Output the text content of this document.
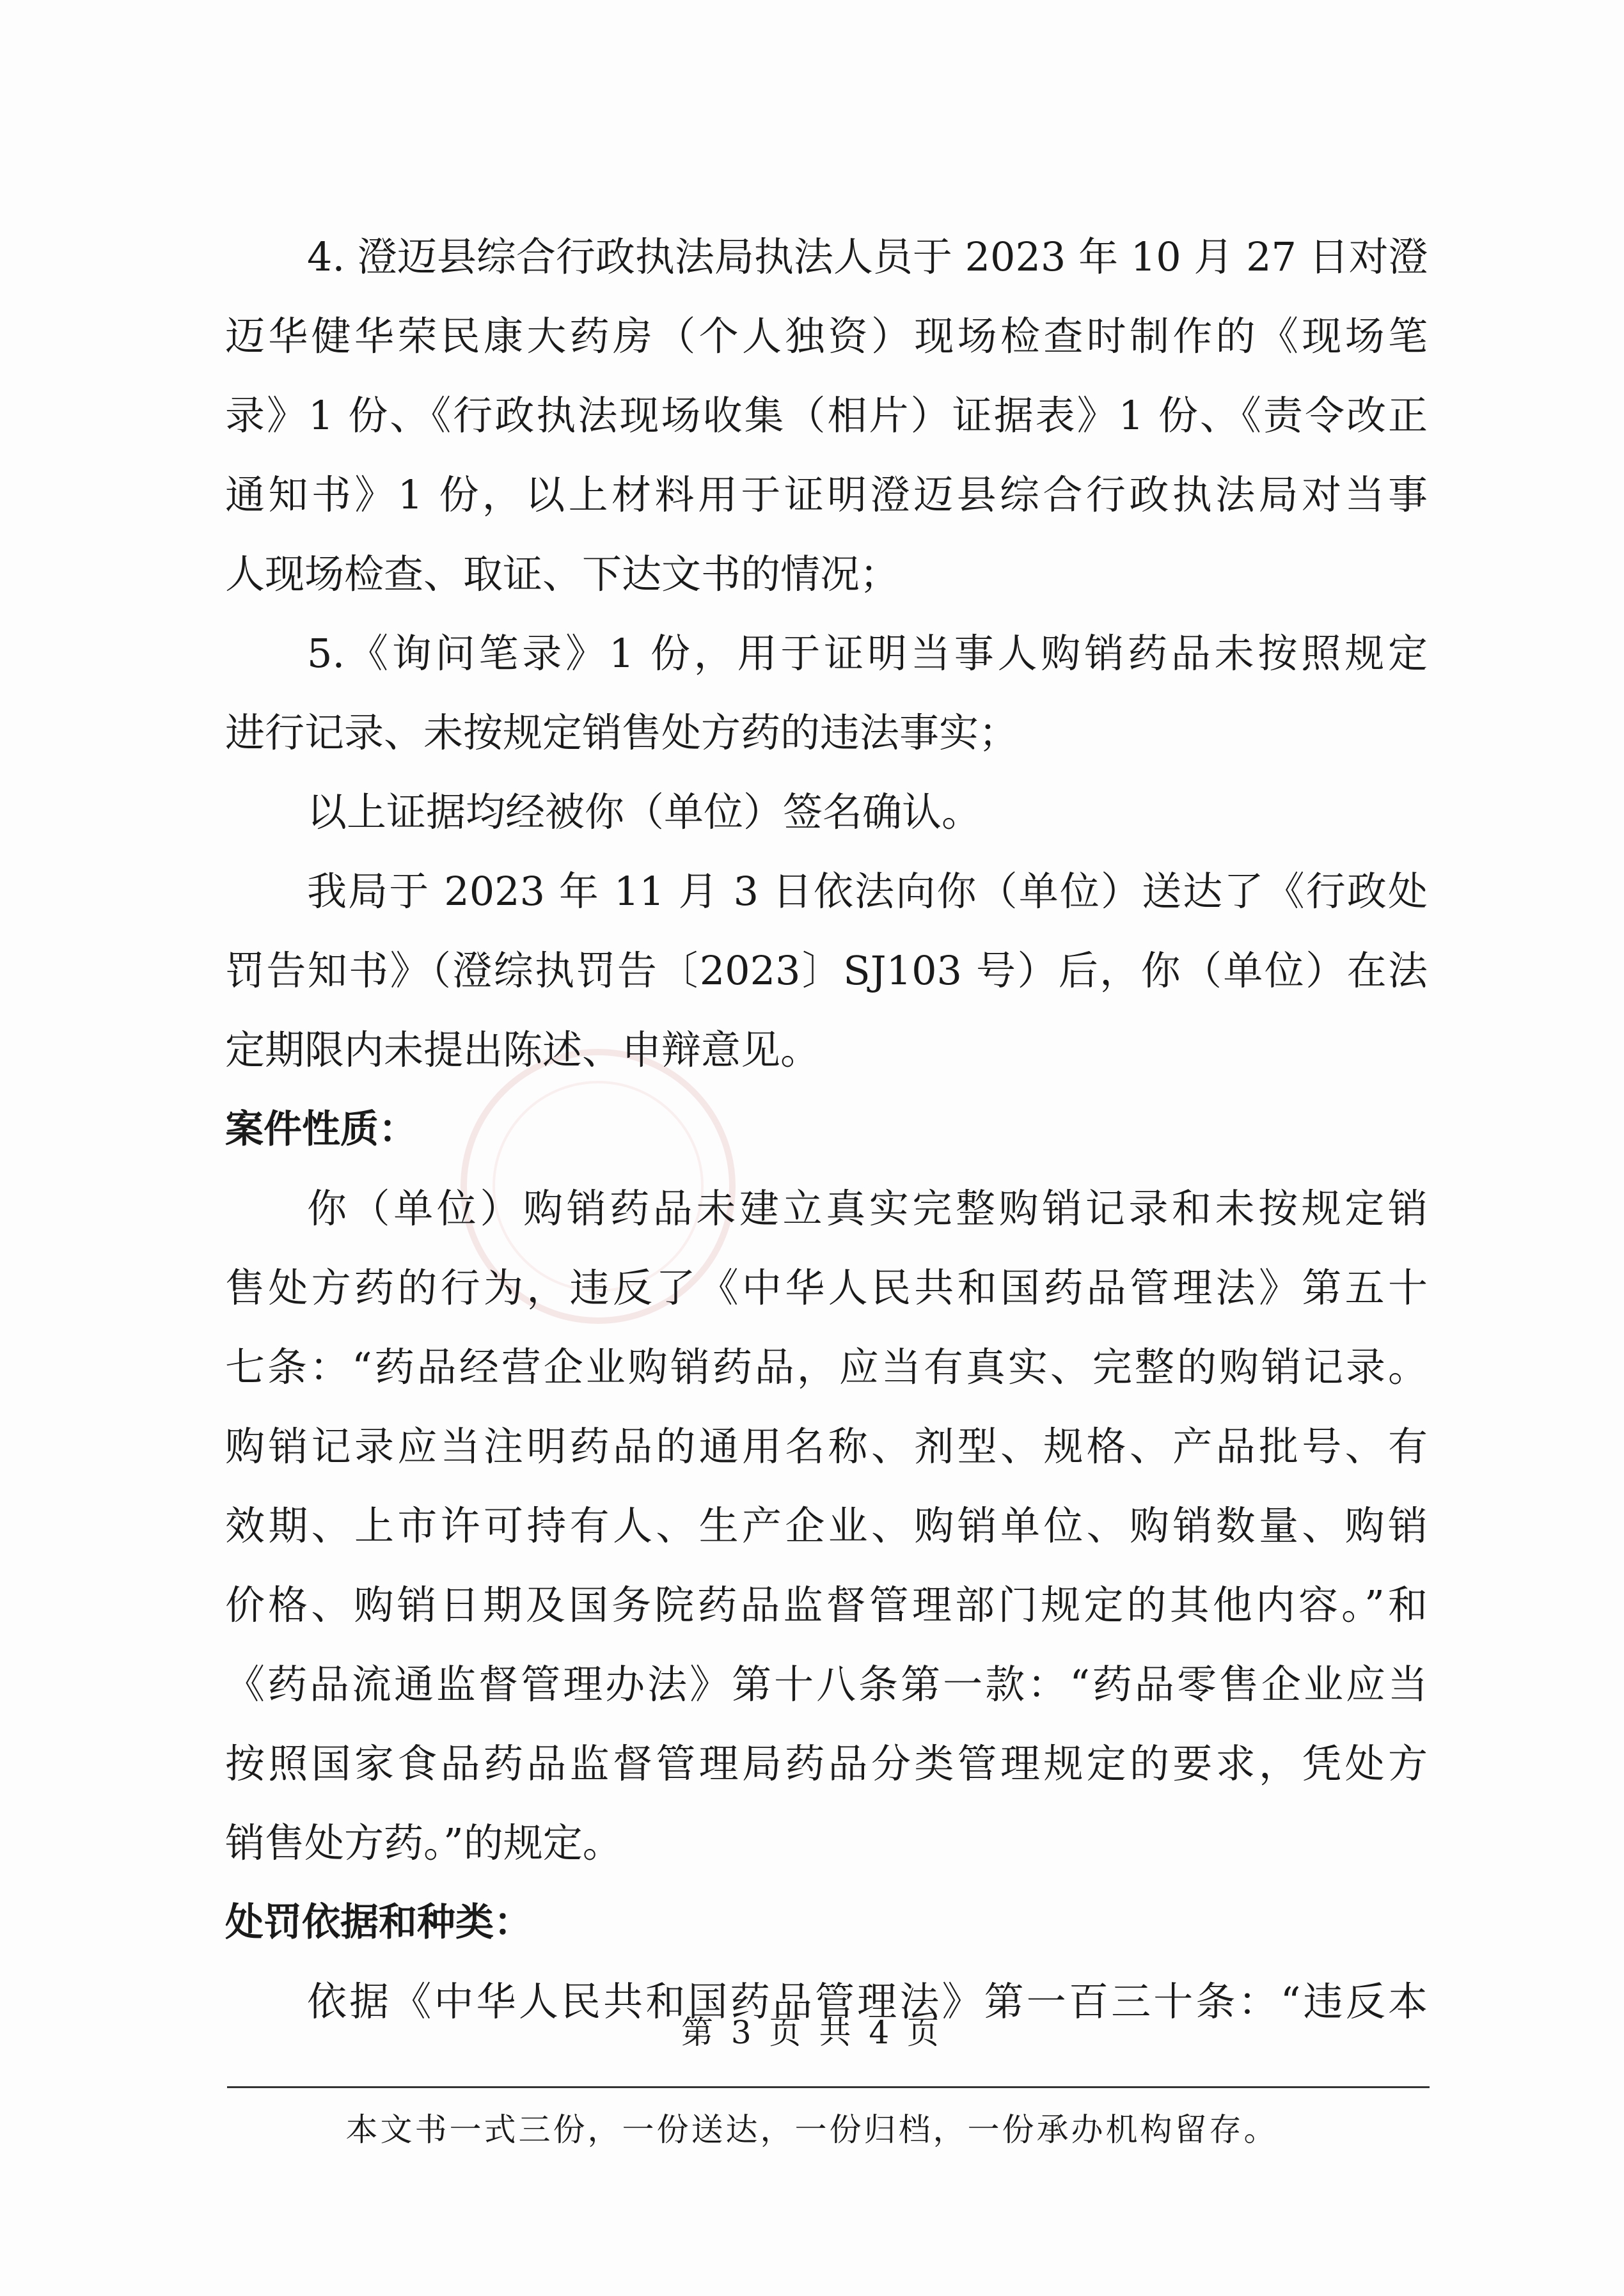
4. 澄迈县综合行政执法局执法人员于 2023 年 10 月 27 日对澄
迈华健华荣民康大药房（个人独资）现场检查时制作的《现场笔
录》1 份、《行政执法现场收集（相片）证据表》1 份、《责令改正
通知书》1 份，以上材料用于证明澄迈县综合行政执法局对当事
人现场检查、取证、下达文书的情况；
5.《询问笔录》1 份，用于证明当事人购销药品未按照规定
进行记录、未按规定销售处方药的违法事实；
以上证据均经被你（单位）签名确认。
我局于 2023 年 11 月 3 日依法向你（单位）送达了《行政处
罚告知书》（澄综执罚告〔2023〕SJ103 号）后，你（单位）在法
定期限内未提出陈述、申辩意见。
案件性质：
你（单位）购销药品未建立真实完整购销记录和未按规定销
售处方药的行为，违反了《中华人民共和国药品管理法》第五十
七条：“药品经营企业购销药品，应当有真实、完整的购销记录。
购销记录应当注明药品的通用名称、剂型、规格、产品批号、有
效期、上市许可持有人、生产企业、购销单位、购销数量、购销
价格、购销日期及国务院药品监督管理部门规定的其他内容。”和
《药品流通监督管理办法》第十八条第一款：“药品零售企业应当
按照国家食品药品监督管理局药品分类管理规定的要求，凭处方
销售处方药。”的规定。
处罚依据和种类：
依据《中华人民共和国药品管理法》第一百三十条：“违反本
第 3 页 共 4 页
本文书一式三份，一份送达，一份归档，一份承办机构留存。
